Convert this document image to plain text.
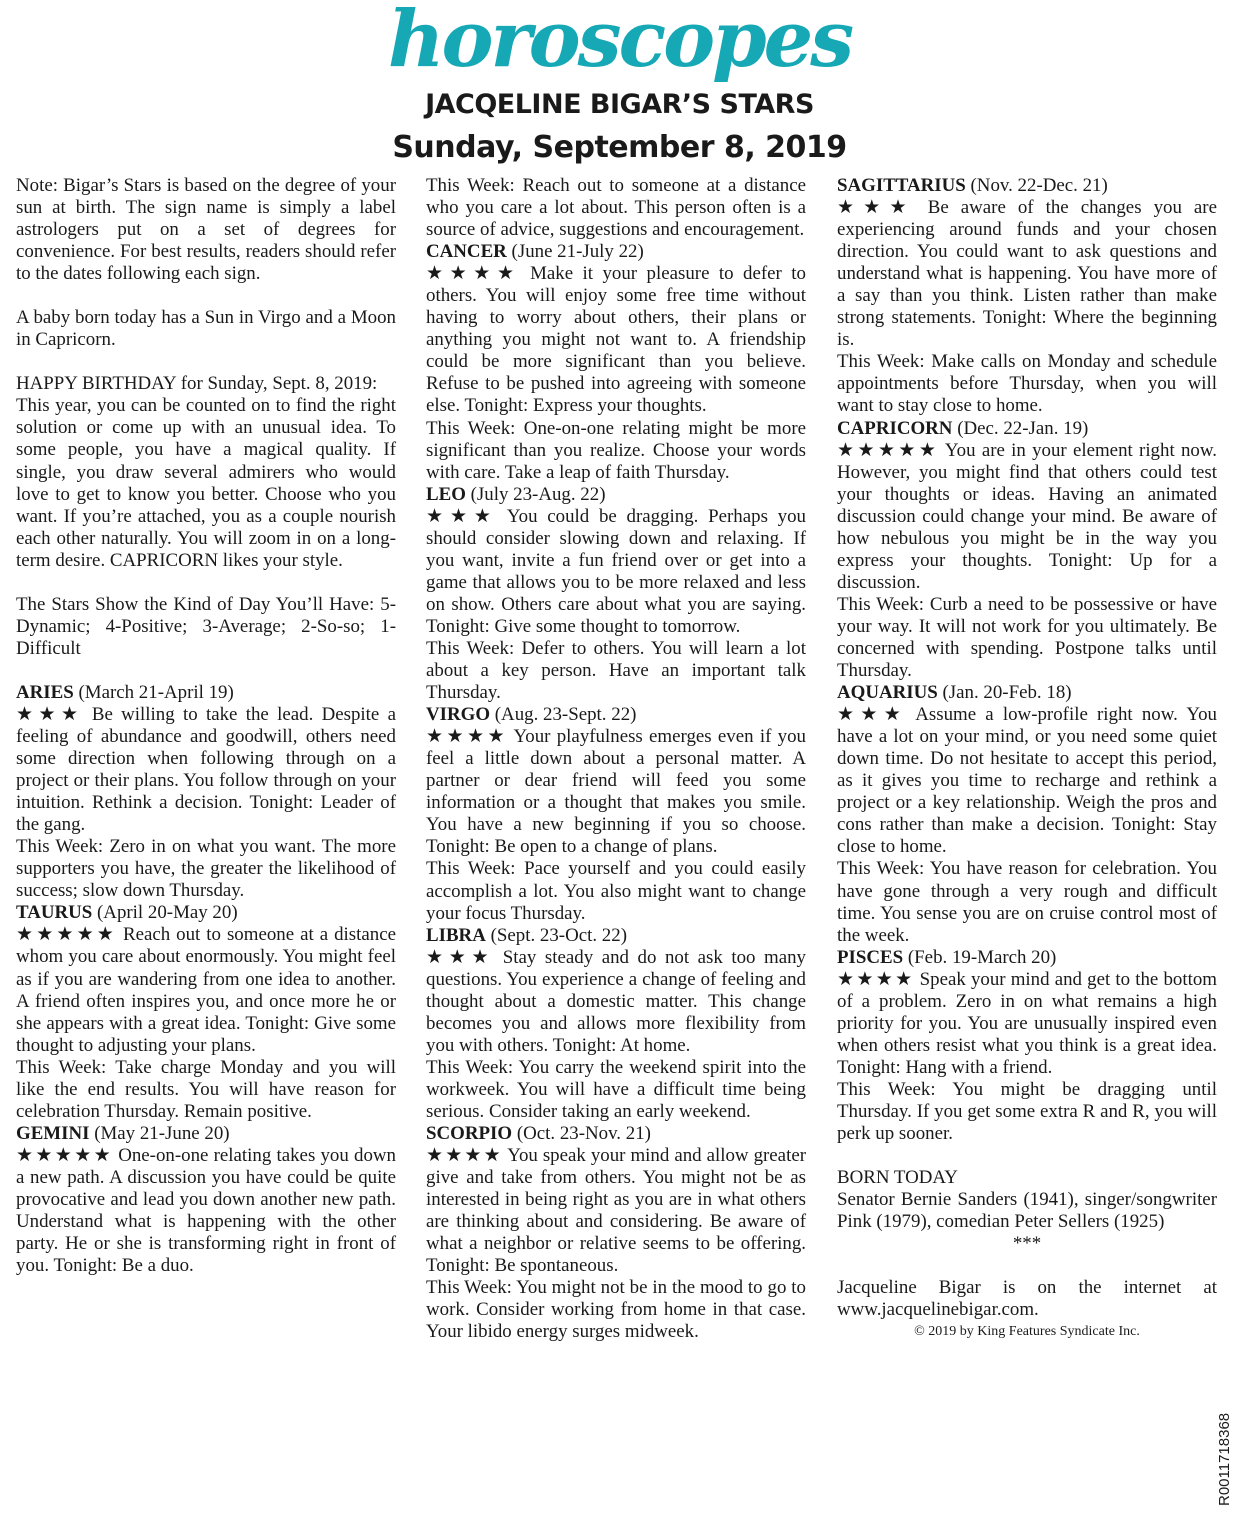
horoscopes
JACQELINE BIGAR’S STARS
Sunday, September 8, 2019

Note: Bigar’s Stars is based on the degree of your sun at birth. The sign name is simply a label astrologers put on a set of degrees for convenience. For best results, readers should refer to the dates following each sign.

A baby born today has a Sun in Virgo and a Moon in Capricorn.

HAPPY BIRTHDAY for Sunday, Sept. 8, 2019:

This year, you can be counted on to find the right solution or come up with an unusual idea. To some people, you have a magical quality. If single, you draw several admirers who would love to get to know you better. Choose who you want. If you’re attached, you as a couple nourish each other naturally. You will zoom in on a long-term desire. CAPRICORN likes your style.

The Stars Show the Kind of Day You’ll Have: 5-Dynamic; 4-Positive; 3-Average; 2-So-so; 1-Difficult

ARIES (March 21-April 19)

★★★ Be willing to take the lead. Despite a feeling of abundance and goodwill, others need some direction when following through on a project or their plans. You follow through on your intuition. Rethink a decision. Tonight: Leader of the gang.

This Week: Zero in on what you want. The more supporters you have, the greater the likelihood of success; slow down Thursday.

TAURUS (April 20-May 20)

★★★★★ Reach out to someone at a distance whom you care about enormously. You might feel as if you are wandering from one idea to another. A friend often inspires you, and once more he or she appears with a great idea. Tonight: Give some thought to adjusting your plans.

This Week: Take charge Monday and you will like the end results. You will have reason for celebration Thursday. Remain positive.

GEMINI (May 21-June 20)

★★★★★ One-on-one relating takes you down a new path. A discussion you have could be quite provocative and lead you down another new path. Understand what is happening with the other party. He or she is transforming right in front of you. Tonight: Be a duo.

This Week: Reach out to someone at a distance who you care a lot about. This person often is a source of advice, suggestions and encouragement.

CANCER (June 21-July 22)

★★★★ Make it your pleasure to defer to others. You will enjoy some free time without having to worry about others, their plans or anything you might not want to. A friendship could be more significant than you believe. Refuse to be pushed into agreeing with someone else. Tonight: Express your thoughts.

This Week: One-on-one relating might be more significant than you realize. Choose your words with care. Take a leap of faith Thursday.

LEO (July 23-Aug. 22)

★★★ You could be dragging. Perhaps you should consider slowing down and relaxing. If you want, invite a fun friend over or get into a game that allows you to be more relaxed and less on show. Others care about what you are saying. Tonight: Give some thought to tomorrow.

This Week: Defer to others. You will learn a lot about a key person. Have an important talk Thursday.

VIRGO (Aug. 23-Sept. 22)

★★★★ Your playfulness emerges even if you feel a little down about a personal matter. A partner or dear friend will feed you some information or a thought that makes you smile. You have a new beginning if you so choose. Tonight: Be open to a change of plans.

This Week: Pace yourself and you could easily accomplish a lot. You also might want to change your focus Thursday.

LIBRA (Sept. 23-Oct. 22)

★★★ Stay steady and do not ask too many questions. You experience a change of feeling and thought about a domestic matter. This change becomes you and allows more flexibility from you with others. Tonight: At home.

This Week: You carry the weekend spirit into the workweek. You will have a difficult time being serious. Consider taking an early weekend.

SCORPIO (Oct. 23-Nov. 21)

★★★★ You speak your mind and allow greater give and take from others. You might not be as interested in being right as you are in what others are thinking about and considering. Be aware of what a neighbor or relative seems to be offering. Tonight: Be spontaneous.

This Week: You might not be in the mood to go to work. Consider working from home in that case. Your libido energy surges midweek.

SAGITTARIUS (Nov. 22-Dec. 21)

★★★ Be aware of the changes you are experiencing around funds and your chosen direction. You could want to ask questions and understand what is happening. You have more of a say than you think. Listen rather than make strong statements. Tonight: Where the beginning is.

This Week: Make calls on Monday and schedule appointments before Thursday, when you will want to stay close to home.

CAPRICORN (Dec. 22-Jan. 19)

★★★★★ You are in your element right now. However, you might find that others could test your thoughts or ideas. Having an animated discussion could change your mind. Be aware of how nebulous you might be in the way you express your thoughts. Tonight: Up for a discussion.

This Week: Curb a need to be possessive or have your way. It will not work for you ultimately. Be concerned with spending. Postpone talks until Thursday.

AQUARIUS (Jan. 20-Feb. 18)

★★★ Assume a low-profile right now. You have a lot on your mind, or you need some quiet down time. Do not hesitate to accept this period, as it gives you time to recharge and rethink a project or a key relationship. Weigh the pros and cons rather than make a decision. Tonight: Stay close to home.

This Week: You have reason for celebration. You have gone through a very rough and difficult time. You sense you are on cruise control most of the week.

PISCES (Feb. 19-March 20)

★★★★ Speak your mind and get to the bottom of a problem. Zero in on what remains a high priority for you. You are unusually inspired even when others resist what you think is a great idea. Tonight: Hang with a friend.

This Week: You might be dragging until Thursday. If you get some extra R and R, you will perk up sooner.

BORN TODAY

Senator Bernie Sanders (1941), singer/songwriter Pink (1979), comedian Peter Sellers (1925)

***

Jacqueline Bigar is on the internet at www.jacquelinebigar.com.

© 2019 by King Features Syndicate Inc.

R0011718368
